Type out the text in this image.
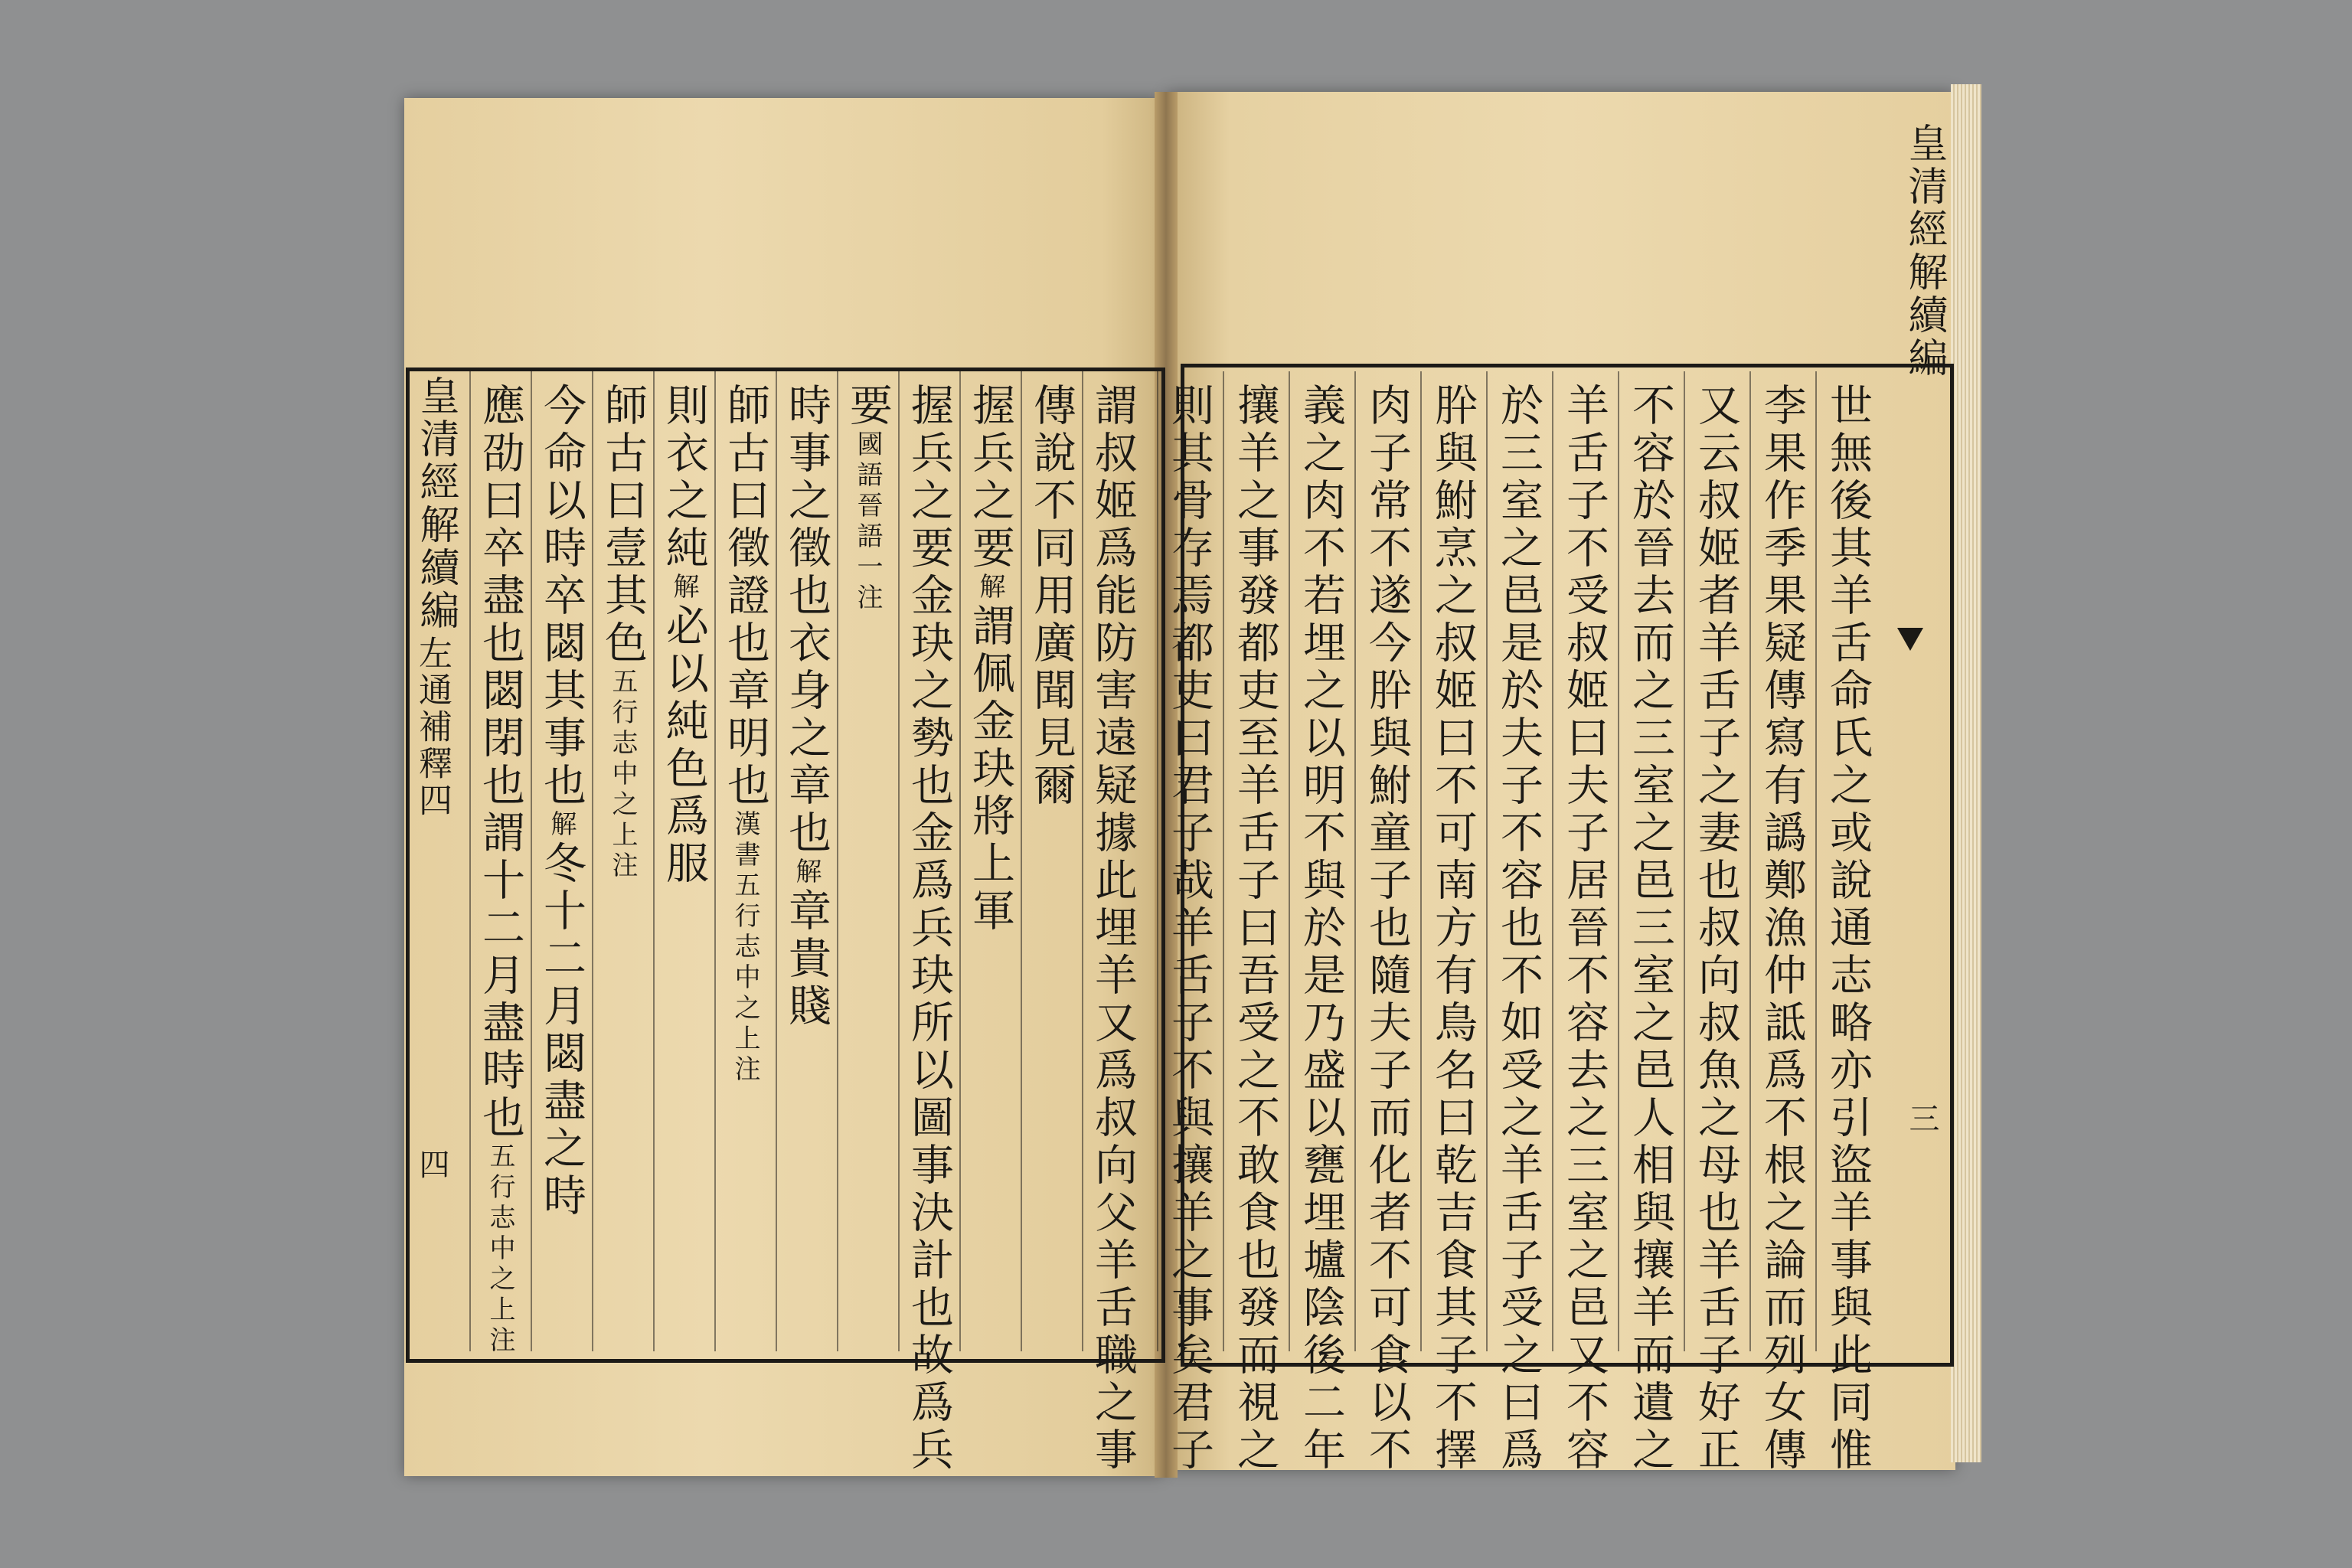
皇清經解續編
三
世無後其羊舌命氏之或說通志略亦引盜羊事與此同惟
李果作季果疑傳寫有譌鄭漁仲詆爲不根之論而列女傳
又云叔姬者羊舌子之妻也叔向叔魚之母也羊舌子好正
不容於晉去而之三室之邑三室之邑人相與攘羊而遺之
羊舌子不受叔姬曰夫子居晉不容去之三室之邑又不容
於三室之邑是於夫子不容也不如受之羊舌子受之曰爲
肸與鮒烹之叔姬曰不可南方有鳥名曰乾吉食其子不擇
肉子常不遂今肸與鮒童子也隨夫子而化者不可食以不
義之肉不若埋之以明不與於是乃盛以甕埋壚陰後二年
攘羊之事發都吏至羊舌子曰吾受之不敢食也發而視之
則其骨存焉都吏曰君子哉羊舌子不與攘羊之事矣君子
皇清經解續編
左通補釋四
四	謂叔姬爲能防害遠疑據此埋羊又爲叔向父羊舌職之事
傳說不同用廣聞見爾
握兵之要解謂佩金玦將上軍
握兵之要金玦之勢也金爲兵玦所以圖事決計也故爲兵
要國語晉語一注
時事之徵也衣身之章也解章貴賤
師古曰徵證也章明也漢書五行志中之上注
則衣之純解必以純色爲服
師古曰壹其色五行志中之上注
今命以時卒閟其事也解冬十二月閟盡之時
應劭曰卒盡也閟閉也謂十二月盡時也五行志中之上注
